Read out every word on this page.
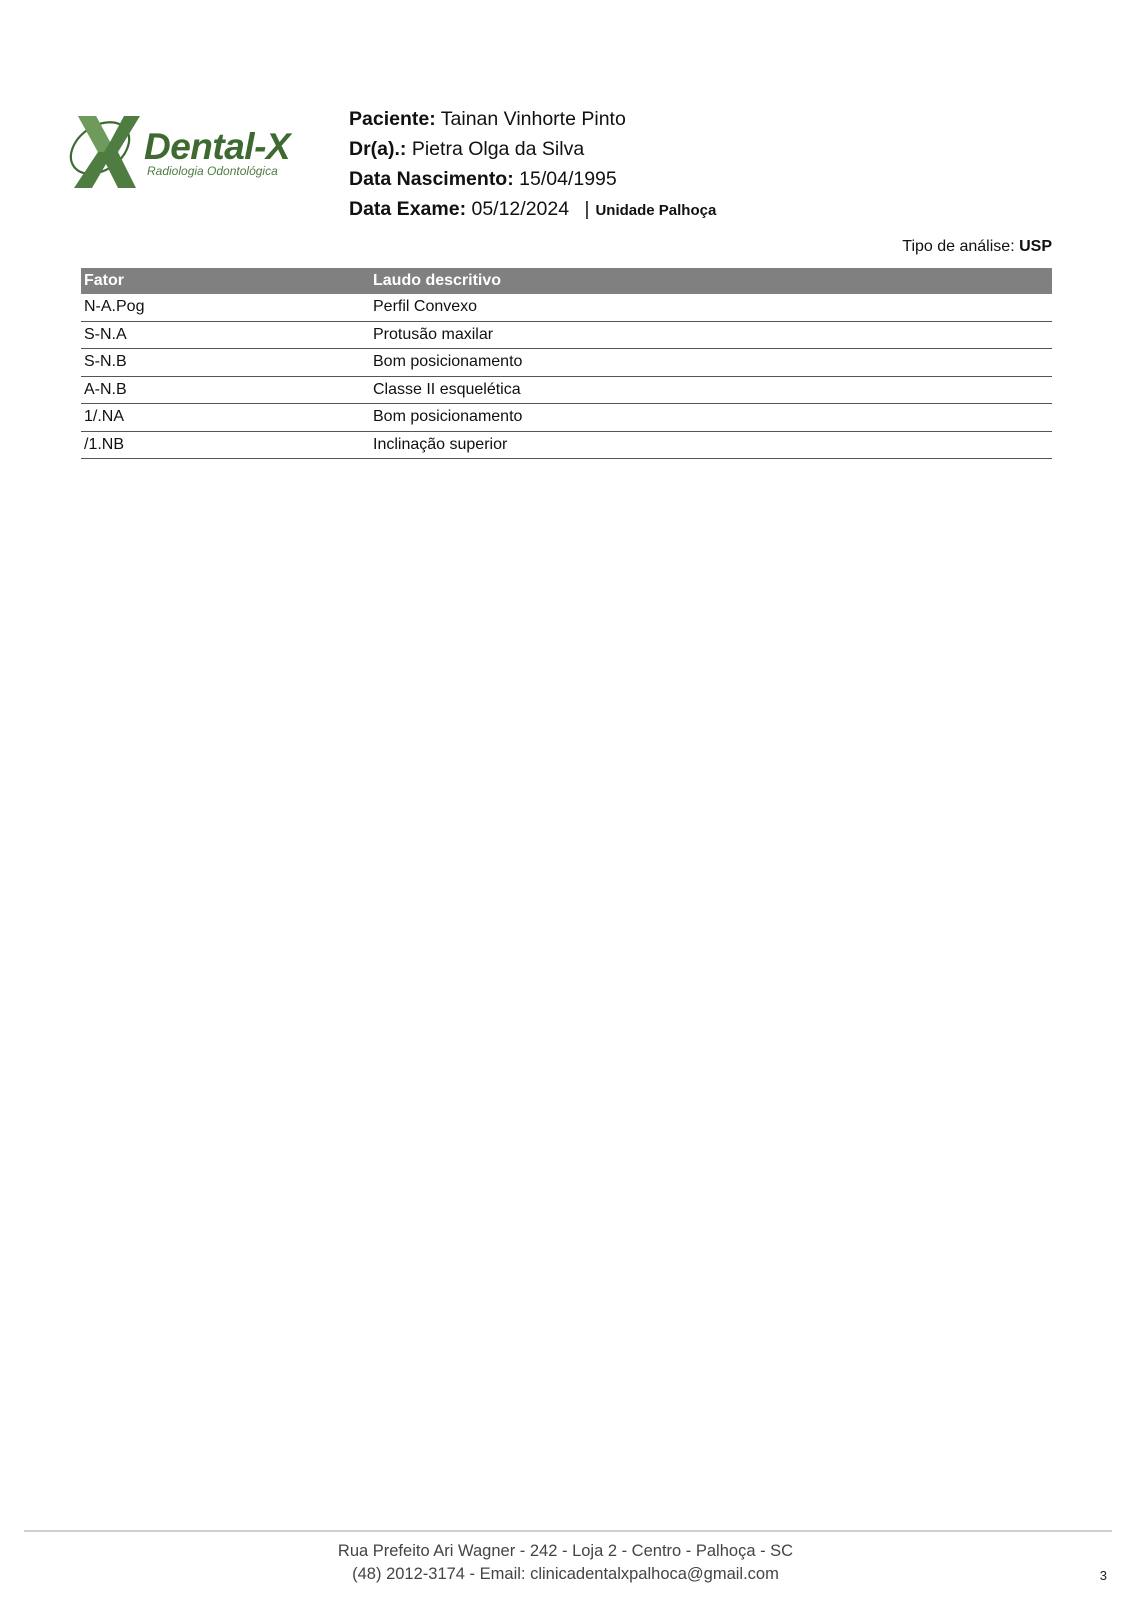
Dental-X
Radiologia Odontológica
Paciente: Tainan Vinhorte Pinto
Dr(a).: Pietra Olga da Silva
Data Nascimento: 15/04/1995
Data Exame: 05/12/2024 | Unidade Palhoça
Tipo de análise: USP
Fator	Laudo descritivo
N-A.Pog	Perfil Convexo
S-N.A	Protusão maxilar
S-N.B	Bom posicionamento
A-N.B	Classe II esquelética
1/.NA	Bom posicionamento
/1.NB	Inclinação superior
Rua Prefeito Ari Wagner - 242 - Loja 2 - Centro - Palhoça - SC
(48) 2012-3174 - Email: clinicadentalxpalhoca@gmail.com	3
